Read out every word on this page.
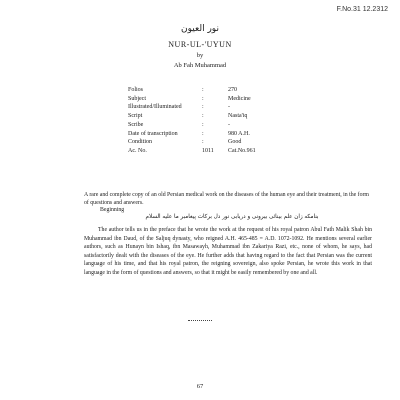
F.No.31 12.2312
نور العيون
NUR-UL-'UYUN
by
Ab Fah Muhammad
Folios	:	270
Subject	:	Medicine
Illustrated/Illuminated	:	-
Script	:	Nasta'iq
Scribe	:	-
Date of transcription	:	980 A.H.
Condition	:	Good
Ac. No.	1011	Cat.No.961
A rare and complete copy of an old Persian medical work on the diseases of the human eye and their treatment, in the form of questions and answers.
Beginning
بنامکه زان علم بینائی بیرونی و دریابی نور دل برکات پیغامبر ما علیه السلام
The author tells us in the preface that he wrote the work at the request of his royal patron Abul Fath Malik Shah bin Muhammad ibn Daud, of the Saljuq dynasty, who reigned A.H. 465-485 = A.D. 1072-1092. He mentions several earlier authors, such as Hunayn bin Ishaq, ibn Masawayh, Muhammad ibn Zakariya Razi, etc., none of whom, he says, had satisfactorily dealt with the diseases of the eye. He further adds that having regard to the fact that Persian was the current language of his time, and that his royal patron, the reigning sovereign, also spoke Persian, he wrote this work in that language in the form of questions and answers, so that it might be easily remembered by one and all.
67
